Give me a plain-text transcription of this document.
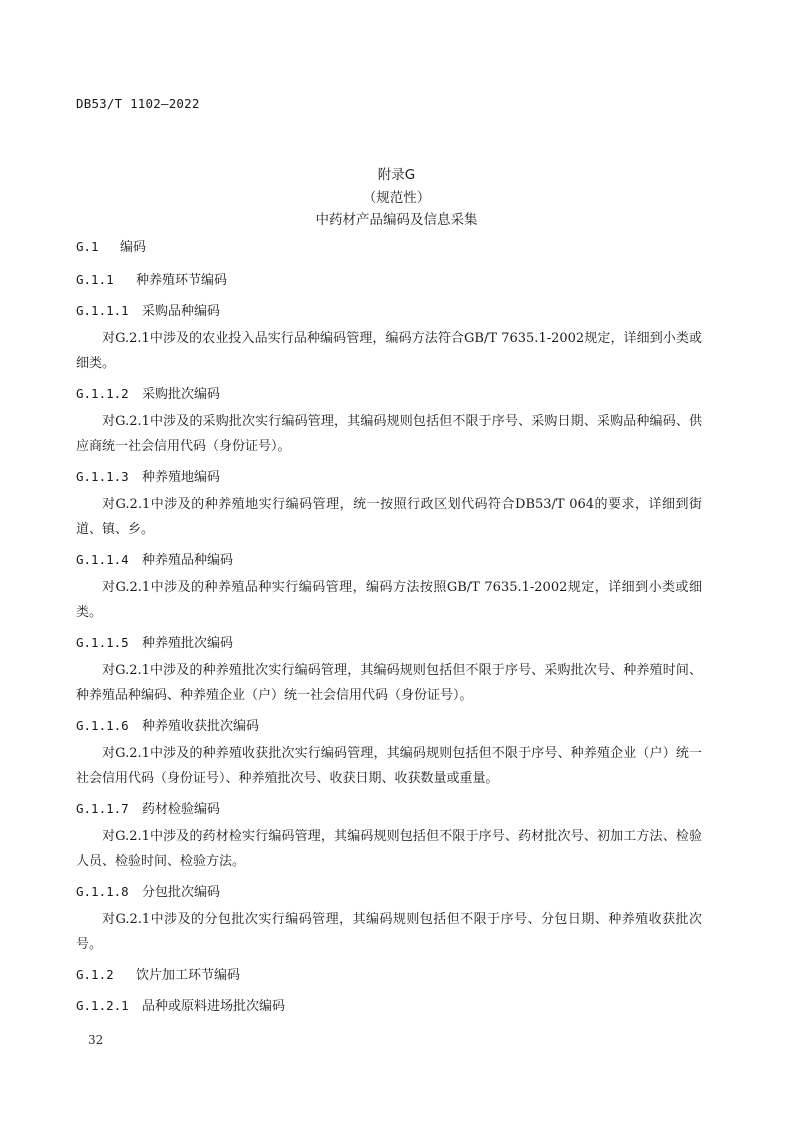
DB53/T 1102—2022
附录G
（规范性）
中药材产品编码及信息采集
G.1 编码
G.1.1 种养殖环节编码
G.1.1.1 采购品种编码

对G.2.1中涉及的农业投入品实行品种编码管理，编码方法符合GB/T 7635.1-2002规定，详细到小类或细类。

G.1.1.2 采购批次编码

对G.2.1中涉及的采购批次实行编码管理，其编码规则包括但不限于序号、采购日期、采购品种编码、供应商统一社会信用代码（身份证号）。

G.1.1.3 种养殖地编码

对G.2.1中涉及的种养殖地实行编码管理，统一按照行政区划代码符合DB53/T 064的要求，详细到街道、镇、乡。

G.1.1.4 种养殖品种编码

对G.2.1中涉及的种养殖品种实行编码管理，编码方法按照GB/T 7635.1-2002规定，详细到小类或细类。

G.1.1.5 种养殖批次编码

对G.2.1中涉及的种养殖批次实行编码管理，其编码规则包括但不限于序号、采购批次号、种养殖时间、种养殖品种编码、种养殖企业（户）统一社会信用代码（身份证号）。

G.1.1.6 种养殖收获批次编码

对G.2.1中涉及的种养殖收获批次实行编码管理，其编码规则包括但不限于序号、种养殖企业（户）统一社会信用代码（身份证号）、种养殖批次号、收获日期、收获数量或重量。

G.1.1.7 药材检验编码

对G.2.1中涉及的药材检实行编码管理，其编码规则包括但不限于序号、药材批次号、初加工方法、检验人员、检验时间、检验方法。

G.1.1.8 分包批次编码

对G.2.1中涉及的分包批次实行编码管理，其编码规则包括但不限于序号、分包日期、种养殖收获批次号。

G.1.2 饮片加工环节编码
G.1.2.1 品种或原料进场批次编码
32
